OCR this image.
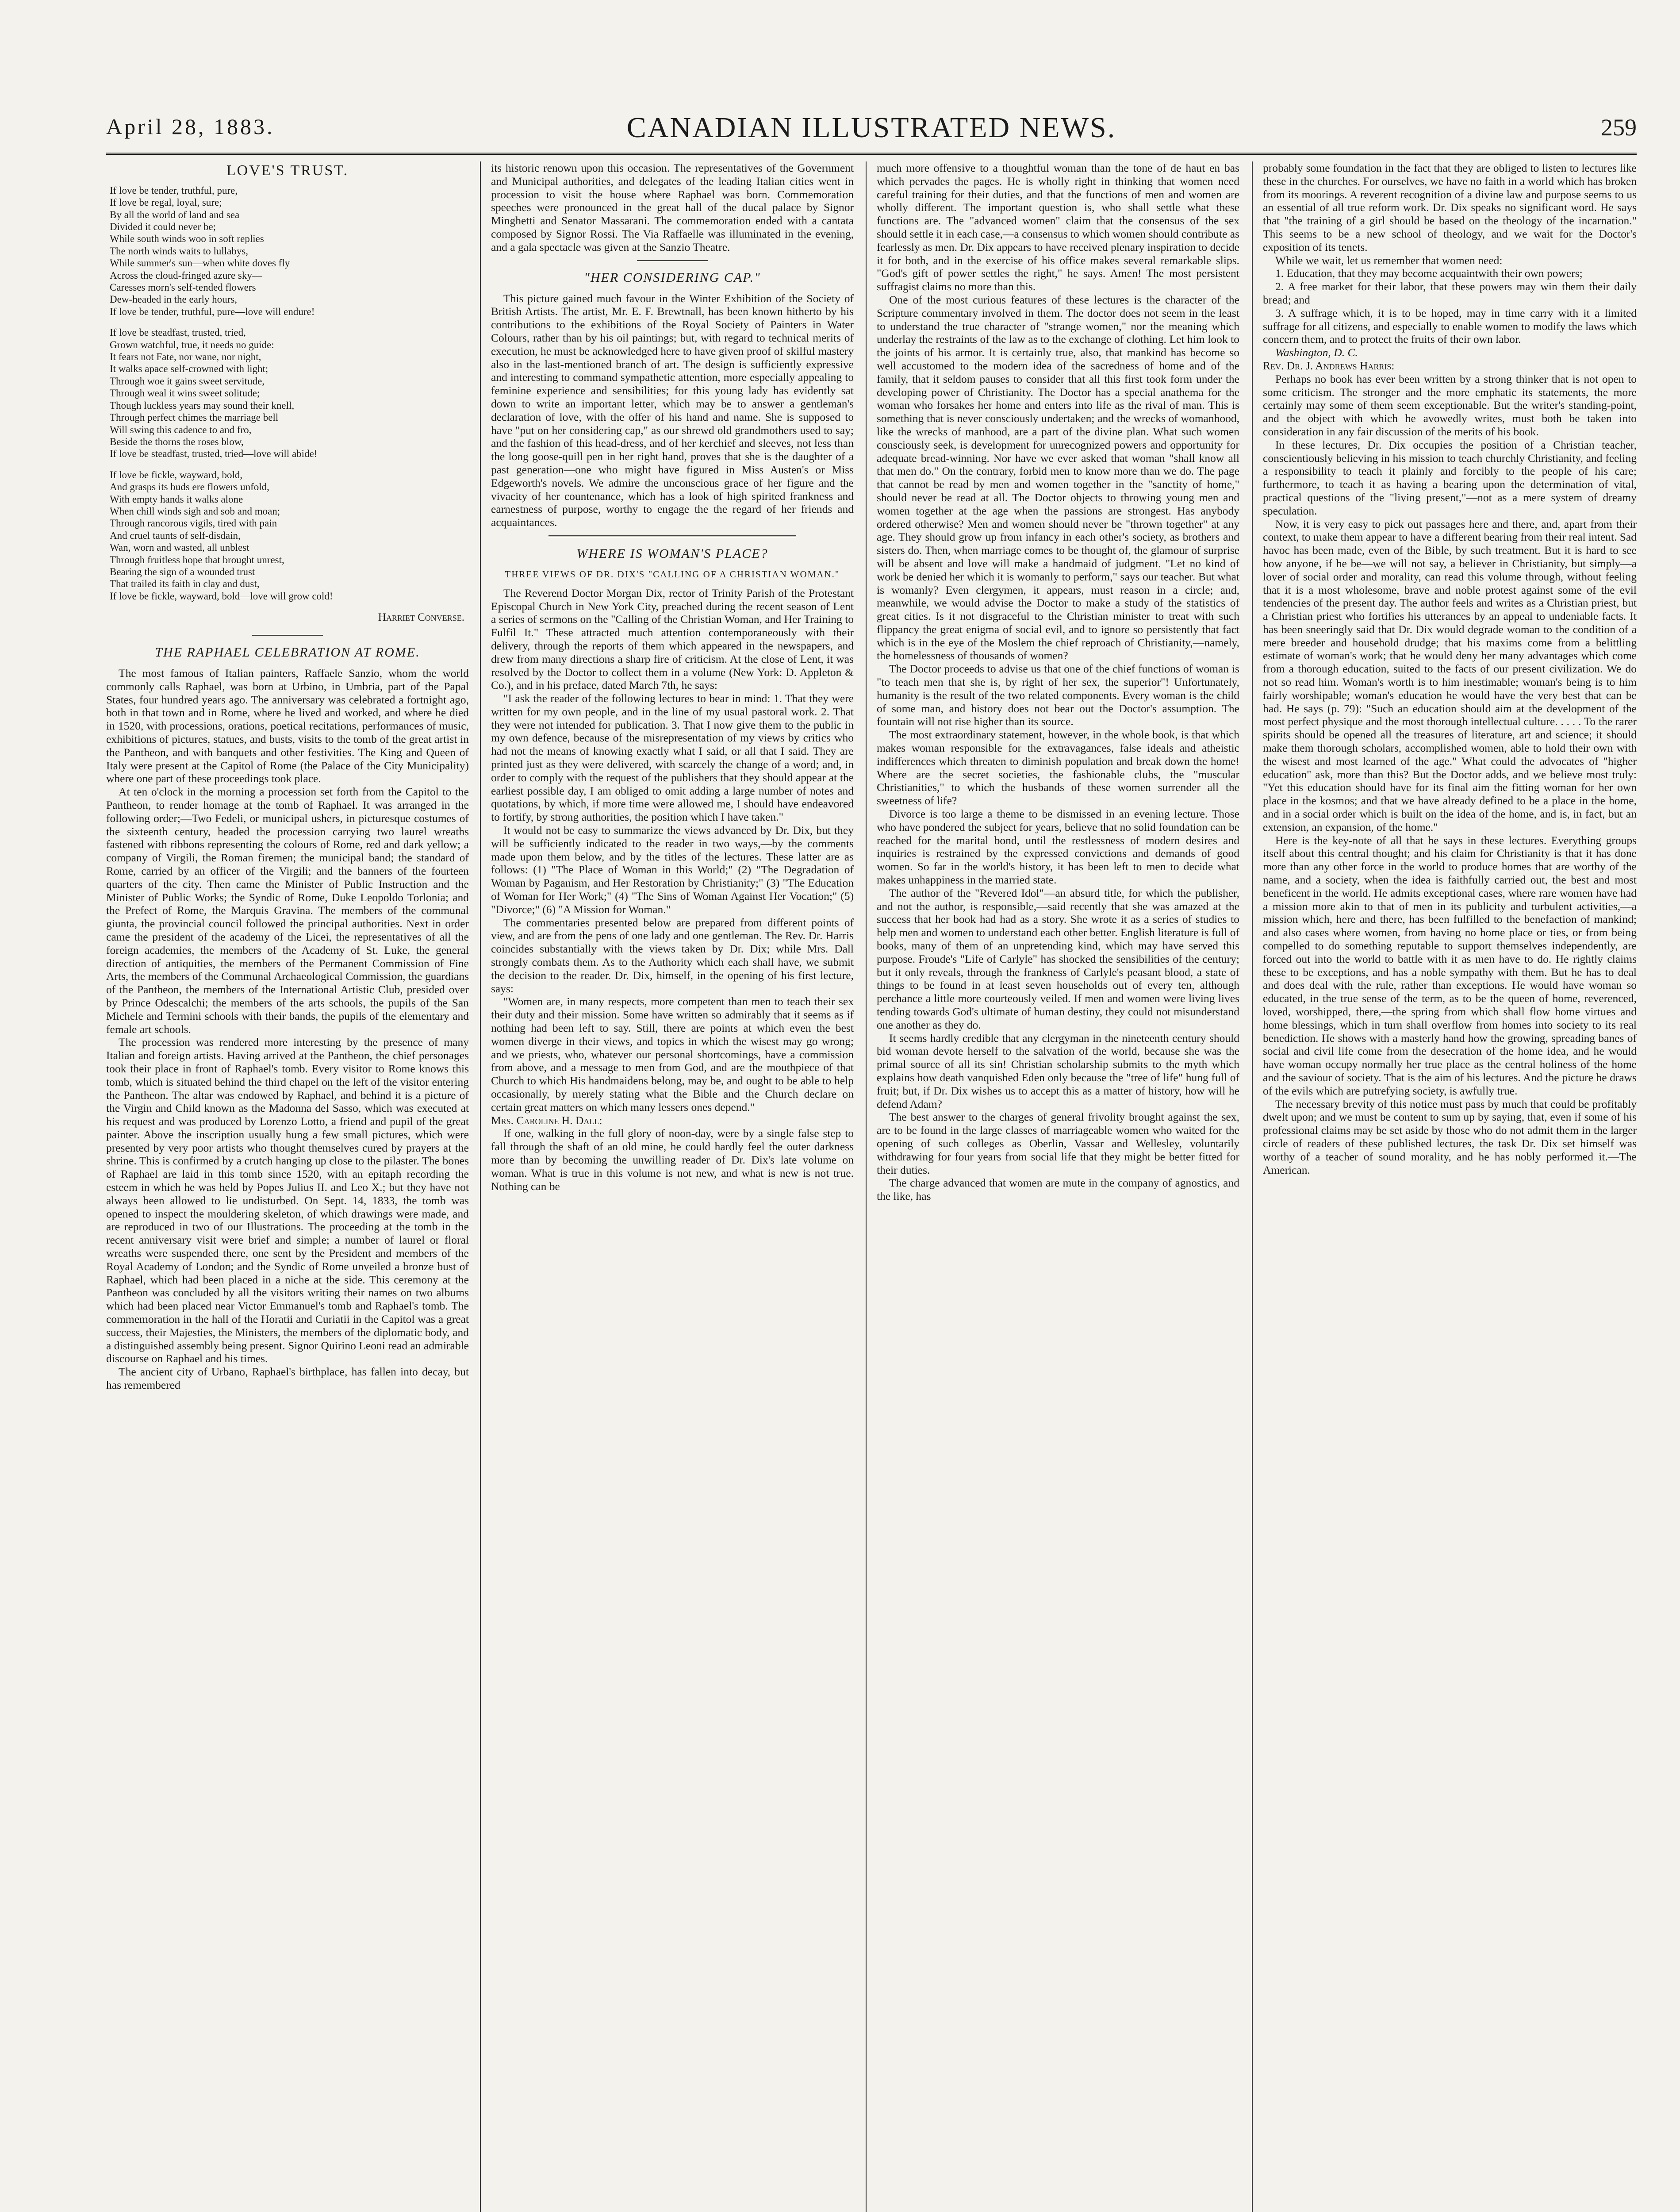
April 28, 1883.	CANADIAN ILLUSTRATED NEWS.	259
LOVE'S TRUST.

If love be tender, truthful, pure,
If love be regal, loyal, sure;
By all the world of land and sea
Divided it could never be;
While south winds woo in soft replies
The north winds waits to lullabys,
While summer's sun—when white doves fly
Across the cloud-fringed azure sky—
Caresses morn's self-tended flowers
Dew-headed in the early hours,
If love be tender, truthful, pure—love will endure!

If love be steadfast, trusted, tried,
Grown watchful, true, it needs no guide:
It fears not Fate, nor wane, nor night,
It walks apace self-crowned with light;
Through woe it gains sweet servitude,
Through weal it wins sweet solitude;
Though luckless years may sound their knell,
Through perfect chimes the marriage bell
Will swing this cadence to and fro,
Beside the thorns the roses blow,
If love be steadfast, trusted, tried—love will abide!

If love be fickle, wayward, bold,
And grasps its buds ere flowers unfold,
With empty hands it walks alone
When chill winds sigh and sob and moan;
Through rancorous vigils, tired with pain
And cruel taunts of self-disdain,
Wan, worn and wasted, all unblest
Through fruitless hope that brought unrest,
Bearing the sign of a wounded trust
That trailed its faith in clay and dust,
If love be fickle, wayward, bold—love will grow cold!

Harriet Converse.
THE RAPHAEL CELEBRATION AT ROME.

The most famous of Italian painters, Raffaele Sanzio, whom the world commonly calls Raphael, was born at Urbino, in Umbria, part of the Papal States, four hundred years ago. The anniversary was celebrated a fortnight ago, both in that town and in Rome, where he lived and worked, and where he died in 1520, with processions, orations, poetical recitations, performances of music, exhibitions of pictures, statues, and busts, visits to the tomb of the great artist in the Pantheon, and with banquets and other festivities. The King and Queen of Italy were present at the Capitol of Rome (the Palace of the City Municipality) where one part of these proceedings took place.

At ten o'clock in the morning a procession set forth from the Capitol to the Pantheon, to render homage at the tomb of Raphael. It was arranged in the following order;—Two Fedeli, or municipal ushers, in picturesque costumes of the sixteenth century, headed the procession carrying two laurel wreaths fastened with ribbons representing the colours of Rome, red and dark yellow; a company of Virgili, the Roman firemen; the municipal band; the standard of Rome, carried by an officer of the Virgili; and the banners of the fourteen quarters of the city. Then came the Minister of Public Instruction and the Minister of Public Works; the Syndic of Rome, Duke Leopoldo Torlonia; and the Prefect of Rome, the Marquis Gravina. The members of the communal giunta, the provincial council followed the principal authorities. Next in order came the president of the academy of the Licei, the representatives of all the foreign academies, the members of the Academy of St. Luke, the general direction of antiquities, the members of the Permanent Commission of Fine Arts, the members of the Communal Archaeological Commission, the guardians of the Pantheon, the members of the International Artistic Club, presided over by Prince Odescalchi; the members of the arts schools, the pupils of the San Michele and Termini schools with their bands, the pupils of the elementary and female art schools.

The procession was rendered more interesting by the presence of many Italian and foreign artists. Having arrived at the Pantheon, the chief personages took their place in front of Raphael's tomb. Every visitor to Rome knows this tomb, which is situated behind the third chapel on the left of the visitor entering the Pantheon. The altar was endowed by Raphael, and behind it is a picture of the Virgin and Child known as the Madonna del Sasso, which was executed at his request and was produced by Lorenzo Lotto, a friend and pupil of the great painter. Above the inscription usually hung a few small pictures, which were presented by very poor artists who thought themselves cured by prayers at the shrine. This is confirmed by a crutch hanging up close to the pilaster. The bones of Raphael are laid in this tomb since 1520, with an epitaph recording the esteem in which he was held by Popes Julius II. and Leo X.; but they have not always been allowed to lie undisturbed. On Sept. 14, 1833, the tomb was opened to inspect the mouldering skeleton, of which drawings were made, and are reproduced in two of our Illustrations. The proceeding at the tomb in the recent anniversary visit were brief and simple; a number of laurel or floral wreaths were suspended there, one sent by the President and members of the Royal Academy of London; and the Syndic of Rome unveiled a bronze bust of Raphael, which had been placed in a niche at the side. This ceremony at the Pantheon was concluded by all the visitors writing their names on two albums which had been placed near Victor Emmanuel's tomb and Raphael's tomb. The commemoration in the hall of the Horatii and Curiatii in the Capitol was a great success, their Majesties, the Ministers, the members of the diplomatic body, and a distinguished assembly being present. Signor Quirino Leoni read an admirable discourse on Raphael and his times.

The ancient city of Urbano, Raphael's birthplace, has fallen into decay, but has remembered

its historic renown upon this occasion. The representatives of the Government and Municipal authorities, and delegates of the leading Italian cities went in procession to visit the house where Raphael was born. Commemoration speeches were pronounced in the great hall of the ducal palace by Signor Minghetti and Senator Massarani. The commemoration ended with a cantata composed by Signor Rossi. The Via Raffaelle was illuminated in the evening, and a gala spectacle was given at the Sanzio Theatre.

"HER CONSIDERING CAP."

This picture gained much favour in the Winter Exhibition of the Society of British Artists. The artist, Mr. E. F. Brewtnall, has been known hitherto by his contributions to the exhibitions of the Royal Society of Painters in Water Colours, rather than by his oil paintings; but, with regard to technical merits of execution, he must be acknowledged here to have given proof of skilful mastery also in the last-mentioned branch of art. The design is sufficiently expressive and interesting to command sympathetic attention, more especially appealing to feminine experience and sensibilities; for this young lady has evidently sat down to write an important letter, which may be to answer a gentleman's declaration of love, with the offer of his hand and name. She is supposed to have "put on her considering cap," as our shrewd old grandmothers used to say; and the fashion of this head-dress, and of her kerchief and sleeves, not less than the long goose-quill pen in her right hand, proves that she is the daughter of a past generation—one who might have figured in Miss Austen's or Miss Edgeworth's novels. We admire the unconscious grace of her figure and the vivacity of her countenance, which has a look of high spirited frankness and earnestness of purpose, worthy to engage the the regard of her friends and acquaintances.

WHERE IS WOMAN'S PLACE?
THREE VIEWS OF DR. DIX'S "CALLING OF A CHRISTIAN WOMAN."

The Reverend Doctor Morgan Dix, rector of Trinity Parish of the Protestant Episcopal Church in New York City, preached during the recent season of Lent a series of sermons on the "Calling of the Christian Woman, and Her Training to Fulfil It." These attracted much attention contemporaneously with their delivery, through the reports of them which appeared in the newspapers, and drew from many directions a sharp fire of criticism. At the close of Lent, it was resolved by the Doctor to collect them in a volume (New York: D. Appleton & Co.), and in his preface, dated March 7th, he says:

"I ask the reader of the following lectures to bear in mind: 1. That they were written for my own people, and in the line of my usual pastoral work. 2. That they were not intended for publication. 3. That I now give them to the public in my own defence, because of the misrepresentation of my views by critics who had not the means of knowing exactly what I said, or all that I said. They are printed just as they were delivered, with scarcely the change of a word; and, in order to comply with the request of the publishers that they should appear at the earliest possible day, I am obliged to omit adding a large number of notes and quotations, by which, if more time were allowed me, I should have endeavored to fortify, by strong authorities, the position which I have taken."

It would not be easy to summarize the views advanced by Dr. Dix, but they will be sufficiently indicated to the reader in two ways,—by the comments made upon them below, and by the titles of the lectures. These latter are as follows: (1) "The Place of Woman in this World;" (2) "The Degradation of Woman by Paganism, and Her Restoration by Christianity;" (3) "The Education of Woman for Her Work;" (4) "The Sins of Woman Against Her Vocation;" (5) "Divorce;" (6) "A Mission for Woman."

The commentaries presented below are prepared from different points of view, and are from the pens of one lady and one gentleman. The Rev. Dr. Harris coincides substantially with the views taken by Dr. Dix; while Mrs. Dall strongly combats them. As to the Authority which each shall have, we submit the decision to the reader. Dr. Dix, himself, in the opening of his first lecture, says:

"Women are, in many respects, more competent than men to teach their sex their duty and their mission. Some have written so admirably that it seems as if nothing had been left to say. Still, there are points at which even the best women diverge in their views, and topics in which the wisest may go wrong; and we priests, who, whatever our personal shortcomings, have a commission from above, and a message to men from God, and are the mouthpiece of that Church to which His handmaidens belong, may be, and ought to be able to help occasionally, by merely stating what the Bible and the Church declare on certain great matters on which many lessers ones depend."

Mrs. Caroline H. Dall:

If one, walking in the full glory of noon-day, were by a single false step to fall through the shaft of an old mine, he could hardly feel the outer darkness more than by becoming the unwilling reader of Dr. Dix's late volume on woman. What is true in this volume is not new, and what is new is not true. Nothing can be

much more offensive to a thoughtful woman than the tone of de haut en bas which pervades the pages. He is wholly right in thinking that women need careful training for their duties, and that the functions of men and women are wholly different. The important question is, who shall settle what these functions are. The "advanced women" claim that the consensus of the sex should settle it in each case,—a consensus to which women should contribute as fearlessly as men. Dr. Dix appears to have received plenary inspiration to decide it for both, and in the exercise of his office makes several remarkable slips. "God's gift of power settles the right," he says. Amen! The most persistent suffragist claims no more than this.

One of the most curious features of these lectures is the character of the Scripture commentary involved in them. The doctor does not seem in the least to understand the true character of "strange women," nor the meaning which underlay the restraints of the law as to the exchange of clothing. Let him look to the joints of his armor. It is certainly true, also, that mankind has become so well accustomed to the modern idea of the sacredness of home and of the family, that it seldom pauses to consider that all this first took form under the developing power of Christianity. The Doctor has a special anathema for the woman who forsakes her home and enters into life as the rival of man. This is something that is never consciously undertaken; and the wrecks of womanhood, like the wrecks of manhood, are a part of the divine plan. What such women consciously seek, is development for unrecognized powers and opportunity for adequate bread-winning. Nor have we ever asked that woman "shall know all that men do." On the contrary, forbid men to know more than we do. The page that cannot be read by men and women together in the "sanctity of home," should never be read at all. The Doctor objects to throwing young men and women together at the age when the passions are strongest. Has anybody ordered otherwise? Men and women should never be "thrown together" at any age. They should grow up from infancy in each other's society, as brothers and sisters do. Then, when marriage comes to be thought of, the glamour of surprise will be absent and love will make a handmaid of judgment. "Let no kind of work be denied her which it is womanly to perform," says our teacher. But what is womanly? Even clergymen, it appears, must reason in a circle; and, meanwhile, we would advise the Doctor to make a study of the statistics of great cities. Is it not disgraceful to the Christian minister to treat with such flippancy the great enigma of social evil, and to ignore so persistently that fact which is in the eye of the Moslem the chief reproach of Christianity,—namely, the homelessness of thousands of women?

The Doctor proceeds to advise us that one of the chief functions of woman is "to teach men that she is, by right of her sex, the superior"! Unfortunately, humanity is the result of the two related components. Every woman is the child of some man, and history does not bear out the Doctor's assumption. The fountain will not rise higher than its source.

The most extraordinary statement, however, in the whole book, is that which makes woman responsible for the extravagances, false ideals and atheistic indifferences which threaten to diminish population and break down the home! Where are the secret societies, the fashionable clubs, the "muscular Christianities," to which the husbands of these women surrender all the sweetness of life?

Divorce is too large a theme to be dismissed in an evening lecture. Those who have pondered the subject for years, believe that no solid foundation can be reached for the marital bond, until the restlessness of modern desires and inquiries is restrained by the expressed convictions and demands of good women. So far in the world's history, it has been left to men to decide what makes unhappiness in the married state.

The author of the "Revered Idol"—an absurd title, for which the publisher, and not the author, is responsible,—said recently that she was amazed at the success that her book had had as a story. She wrote it as a series of studies to help men and women to understand each other better. English literature is full of books, many of them of an unpretending kind, which may have served this purpose. Froude's "Life of Carlyle" has shocked the sensibilities of the century; but it only reveals, through the frankness of Carlyle's peasant blood, a state of things to be found in at least seven households out of every ten, although perchance a little more courteously veiled. If men and women were living lives tending towards God's ultimate of human destiny, they could not misunderstand one another as they do.

It seems hardly credible that any clergyman in the nineteenth century should bid woman devote herself to the salvation of the world, because she was the primal source of all its sin! Christian scholarship submits to the myth which explains how death vanquished Eden only because the "tree of life" hung full of fruit; but, if Dr. Dix wishes us to accept this as a matter of history, how will he defend Adam?

The best answer to the charges of general frivolity brought against the sex, are to be found in the large classes of marriageable women who waited for the opening of such colleges as Oberlin, Vassar and Wellesley, voluntarily withdrawing for four years from social life that they might be better fitted for their duties.

The charge advanced that women are mute in the company of agnostics, and the like, has

probably some foundation in the fact that they are obliged to listen to lectures like these in the churches. For ourselves, we have no faith in a world which has broken from its moorings. A reverent recognition of a divine law and purpose seems to us an essential of all true reform work. Dr. Dix speaks no significant word. He says that "the training of a girl should be based on the theology of the incarnation." This seems to be a new school of theology, and we wait for the Doctor's exposition of its tenets.

While we wait, let us remember that women need:

1. Education, that they may become acquaintwith their own powers;

2. A free market for their labor, that these powers may win them their daily bread; and

3. A suffrage which, it is to be hoped, may in time carry with it a limited suffrage for all citizens, and especially to enable women to modify the laws which concern them, and to protect the fruits of their own labor.

Washington, D. C.

Rev. Dr. J. Andrews Harris:

Perhaps no book has ever been written by a strong thinker that is not open to some criticism. The stronger and the more emphatic its statements, the more certainly may some of them seem exceptionable. But the writer's standing-point, and the object with which he avowedly writes, must both be taken into consideration in any fair discussion of the merits of his book.

In these lectures, Dr. Dix occupies the position of a Christian teacher, conscientiously believing in his mission to teach churchly Christianity, and feeling a responsibility to teach it plainly and forcibly to the people of his care; furthermore, to teach it as having a bearing upon the determination of vital, practical questions of the "living present,"—not as a mere system of dreamy speculation.

Now, it is very easy to pick out passages here and there, and, apart from their context, to make them appear to have a different bearing from their real intent. Sad havoc has been made, even of the Bible, by such treatment. But it is hard to see how anyone, if he be—we will not say, a believer in Christianity, but simply—a lover of social order and morality, can read this volume through, without feeling that it is a most wholesome, brave and noble protest against some of the evil tendencies of the present day. The author feels and writes as a Christian priest, but a Christian priest who fortifies his utterances by an appeal to undeniable facts. It has been sneeringly said that Dr. Dix would degrade woman to the condition of a mere breeder and household drudge; that his maxims come from a belittling estimate of woman's work; that he would deny her many advantages which come from a thorough education, suited to the facts of our present civilization. We do not so read him. Woman's worth is to him inestimable; woman's being is to him fairly worshipable; woman's education he would have the very best that can be had. He says (p. 79): "Such an education should aim at the development of the most perfect physique and the most thorough intellectual culture. . . . . To the rarer spirits should be opened all the treasures of literature, art and science; it should make them thorough scholars, accomplished women, able to hold their own with the wisest and most learned of the age." What could the advocates of "higher education" ask, more than this? But the Doctor adds, and we believe most truly: "Yet this education should have for its final aim the fitting woman for her own place in the kosmos; and that we have already defined to be a place in the home, and in a social order which is built on the idea of the home, and is, in fact, but an extension, an expansion, of the home."

Here is the key-note of all that he says in these lectures. Everything groups itself about this central thought; and his claim for Christianity is that it has done more than any other force in the world to produce homes that are worthy of the name, and a society, when the idea is faithfully carried out, the best and most beneficent in the world. He admits exceptional cases, where rare women have had a mission more akin to that of men in its publicity and turbulent activities,—a mission which, here and there, has been fulfilled to the benefaction of mankind; and also cases where women, from having no home place or ties, or from being compelled to do something reputable to support themselves independently, are forced out into the world to battle with it as men have to do. He rightly claims these to be exceptions, and has a noble sympathy with them. But he has to deal and does deal with the rule, rather than exceptions. He would have woman so educated, in the true sense of the term, as to be the queen of home, reverenced, loved, worshipped, there,—the spring from which shall flow home virtues and home blessings, which in turn shall overflow from homes into society to its real benediction. He shows with a masterly hand how the growing, spreading banes of social and civil life come from the desecration of the home idea, and he would have woman occupy normally her true place as the central holiness of the home and the saviour of society. That is the aim of his lectures. And the picture he draws of the evils which are putrefying society, is awfully true.

The necessary brevity of this notice must pass by much that could be profitably dwelt upon; and we must be content to sum up by saying, that, even if some of his professional claims may be set aside by those who do not admit them in the larger circle of readers of these published lectures, the task Dr. Dix set himself was worthy of a teacher of sound morality, and he has nobly performed it.—The American.
